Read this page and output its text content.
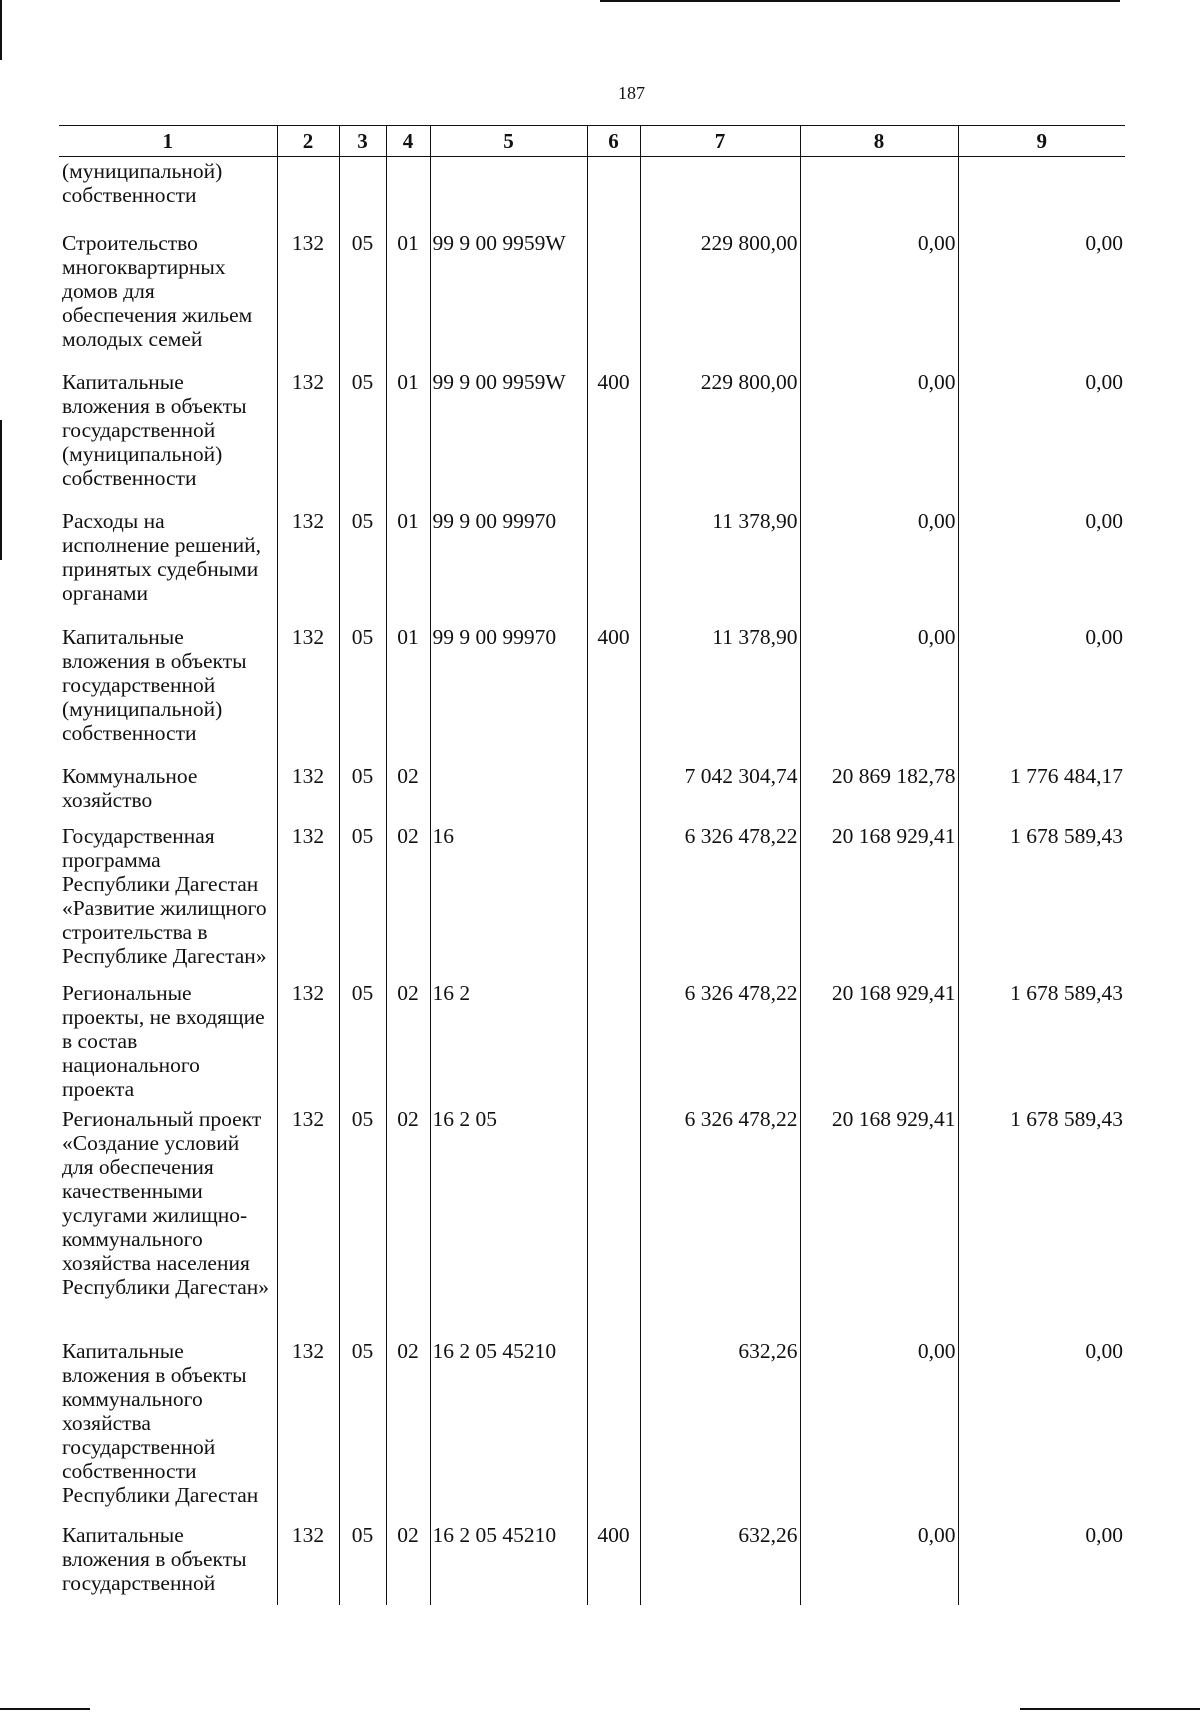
187
1	2	3	4	5	6	7	8	9
(муниципальной) собственности								
Строительство многоквартирных домов для обеспечения жильем молодых семей	132	05	01	99 9 00 9959W		229 800,00	0,00	0,00
Капитальные вложения в объекты государственной (муниципальной) собственности	132	05	01	99 9 00 9959W	400	229 800,00	0,00	0,00
Расходы на исполнение решений, принятых судебными органами	132	05	01	99 9 00 99970		11 378,90	0,00	0,00
Капитальные вложения в объекты государственной (муниципальной) собственности	132	05	01	99 9 00 99970	400	11 378,90	0,00	0,00
Коммунальное хозяйство	132	05	02			7 042 304,74	20 869 182,78	1 776 484,17
Государственная программа Республики Дагестан «Развитие жилищного строительства в Республике Дагестан»	132	05	02	16		6 326 478,22	20 168 929,41	1 678 589,43
Региональные проекты, не входящие в состав национального проекта	132	05	02	16 2		6 326 478,22	20 168 929,41	1 678 589,43
Региональный проект «Создание условий для обеспечения качественными услугами жилищно-коммунального хозяйства населения Республики Дагестан»	132	05	02	16 2 05		6 326 478,22	20 168 929,41	1 678 589,43
Капитальные вложения в объекты коммунального хозяйства государственной собственности Республики Дагестан	132	05	02	16 2 05 45210		632,26	0,00	0,00
Капитальные вложения в объекты государственной	132	05	02	16 2 05 45210	400	632,26	0,00	0,00
